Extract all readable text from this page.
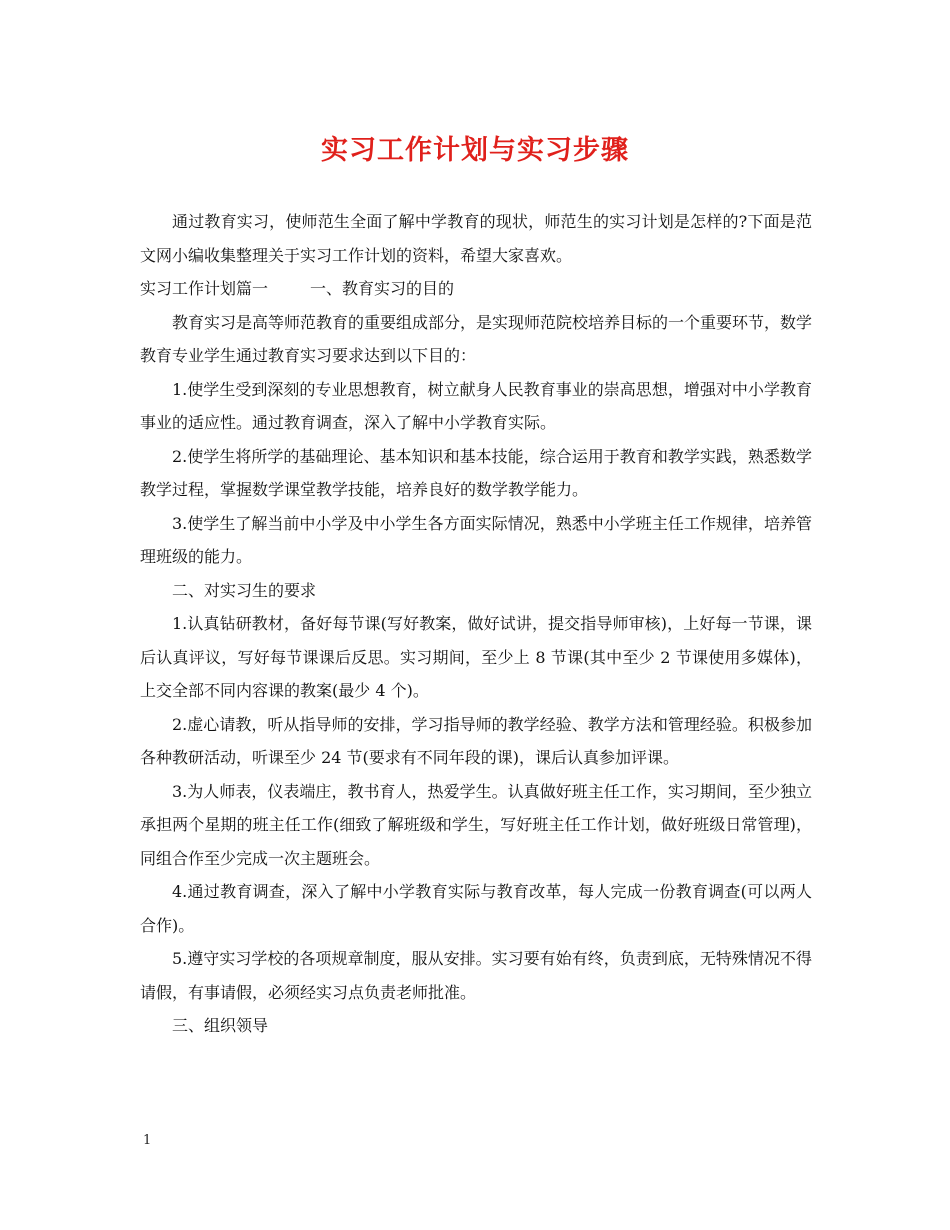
实习工作计划与实习步骤

通过教育实习，使师范生全面了解中学教育的现状，师范生的实习计划是怎样的?下面是范文网小编收集整理关于实习工作计划的资料，希望大家喜欢。

实习工作计划篇一	一、教育实习的目的

教育实习是高等师范教育的重要组成部分，是实现师范院校培养目标的一个重要环节，数学教育专业学生通过教育实习要求达到以下目的：

1.使学生受到深刻的专业思想教育，树立献身人民教育事业的崇高思想，增强对中小学教育事业的适应性。通过教育调查，深入了解中小学教育实际。

2.使学生将所学的基础理论、基本知识和基本技能，综合运用于教育和教学实践，熟悉数学教学过程，掌握数学课堂教学技能，培养良好的数学教学能力。

3.使学生了解当前中小学及中小学生各方面实际情况，熟悉中小学班主任工作规律，培养管理班级的能力。

二、对实习生的要求

1.认真钻研教材，备好每节课(写好教案，做好试讲，提交指导师审核)，上好每一节课，课后认真评议，写好每节课课后反思。实习期间，至少上 8 节课(其中至少 2 节课使用多媒体)，上交全部不同内容课的教案(最少 4 个)。

2.虚心请教，听从指导师的安排，学习指导师的教学经验、教学方法和管理经验。积极参加各种教研活动，听课至少 24 节(要求有不同年段的课)，课后认真参加评课。

3.为人师表，仪表端庄，教书育人，热爱学生。认真做好班主任工作，实习期间，至少独立承担两个星期的班主任工作(细致了解班级和学生，写好班主任工作计划，做好班级日常管理)，同组合作至少完成一次主题班会。

4.通过教育调查，深入了解中小学教育实际与教育改革，每人完成一份教育调查(可以两人合作)。

5.遵守实习学校的各项规章制度，服从安排。实习要有始有终，负责到底，无特殊情况不得请假，有事请假，必须经实习点负责老师批准。

三、组织领导

1
